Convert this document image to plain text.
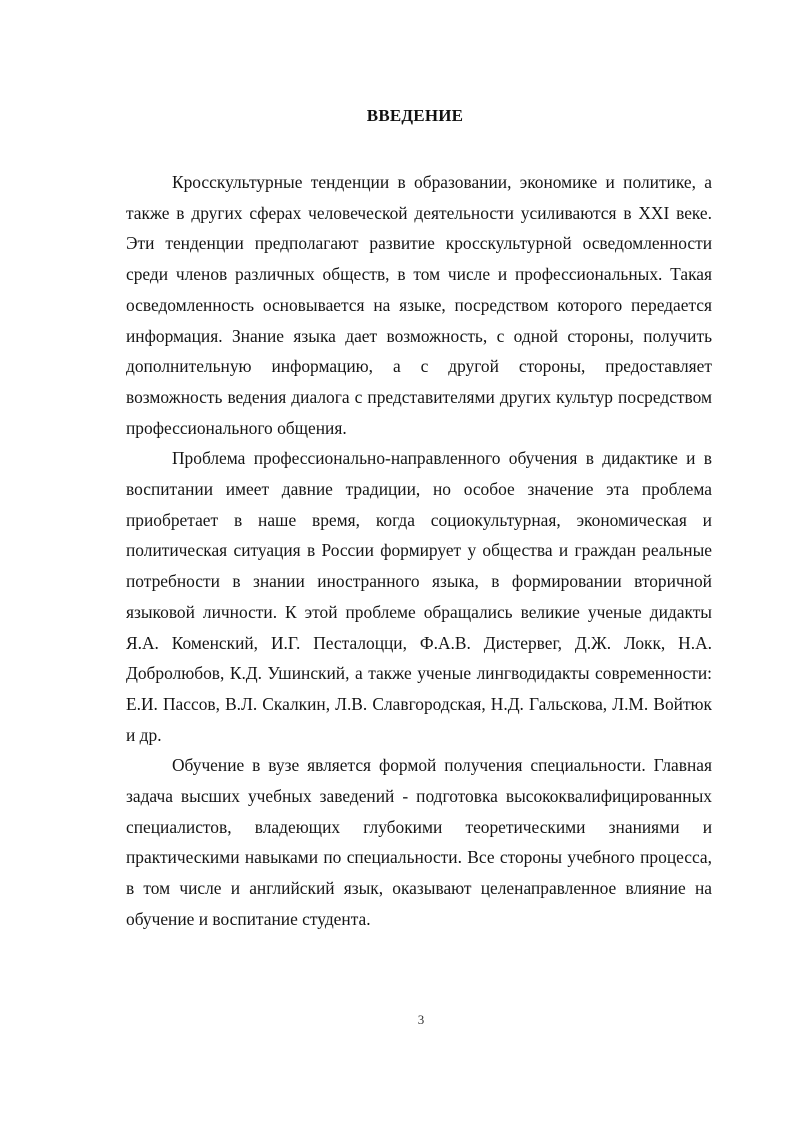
ВВЕДЕНИЕ

Кросскультурные тенденции в образовании, экономике и политике, а также в других сферах человеческой деятельности усиливаются в XXI веке. Эти тенденции предполагают развитие кросскультурной осведомленности среди членов различных обществ, в том числе и профессиональных. Такая осведомленность основывается на языке, посредством которого передается информация. Знание языка дает возможность, с одной стороны, получить дополнительную информацию, а с другой стороны, предоставляет возможность ведения диалога с представителями других культур посредством профессионального общения.

Проблема профессионально-направленного обучения в дидактике и в воспитании имеет давние традиции, но особое значение эта проблема приобретает в наше время, когда социокультурная, экономическая и политическая ситуация в России формирует у общества и граждан реальные потребности в знании иностранного языка, в формировании вторичной языковой личности. К этой проблеме обращались великие ученые дидакты Я.А. Коменский, И.Г. Песталоцци, Ф.А.В. Дистервег, Д.Ж. Локк, Н.А. Добролюбов, К.Д. Ушинский, а также ученые лингводидакты современности: Е.И. Пассов, В.Л. Скалкин, Л.В. Славгородская, Н.Д. Гальскова, Л.М. Войтюк и др.

Обучение в вузе является формой получения специальности. Главная задача высших учебных заведений - подготовка высококвалифицированных специалистов, владеющих глубокими теоретическими знаниями и практическими навыками по специальности. Все стороны учебного процесса, в том числе и английский язык, оказывают целенаправленное влияние на обучение и воспитание студента.

3
